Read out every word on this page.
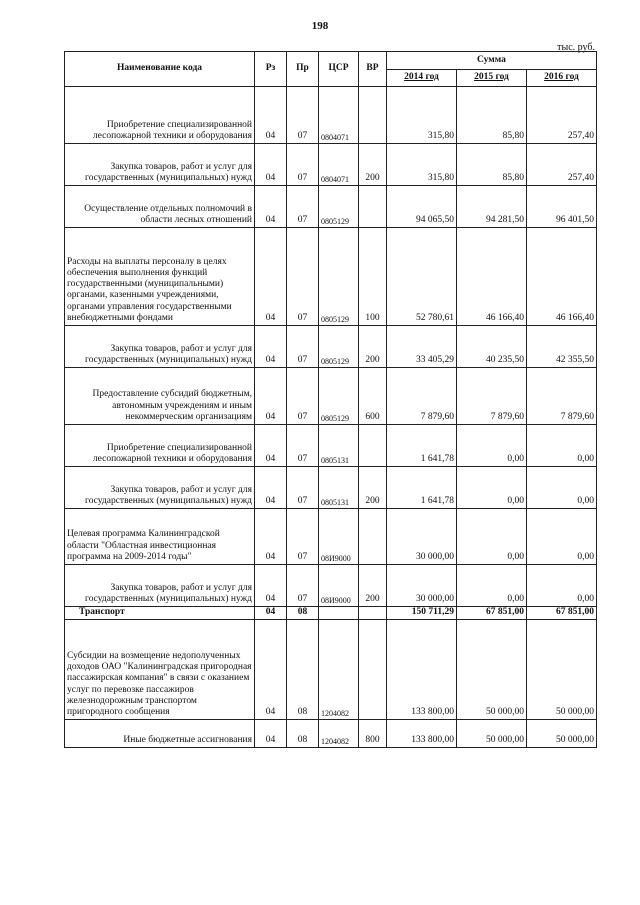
198
тыс. руб.
Наименование кода	Рз	Пр	ЦСР	ВР	Сумма		
					2014 год	2015 год	2016 год
Приобретение специализированной лесопожарной техники и оборудования	04	07	0804071		315,80	85,80	257,40
Закупка товаров, работ и услуг для государственных (муниципальных) нужд	04	07	0804071	200	315,80	85,80	257,40
Осуществление отдельных полномочий в области лесных отношений	04	07	0805129		94 065,50	94 281,50	96 401,50
Расходы на выплаты персоналу в целях обеспечения выполнения функций государственными (муниципальными) органами, казенными учреждениями, органами управления государственными внебюджетными фондами	04	07	0805129	100	52 780,61	46 166,40	46 166,40
Закупка товаров, работ и услуг для государственных (муниципальных) нужд	04	07	0805129	200	33 405,29	40 235,50	42 355,50
Предоставление субсидий бюджетным, автономным учреждениям и иным некоммерческим организациям	04	07	0805129	600	7 879,60	7 879,60	7 879,60
Приобретение специализированной лесопожарной техники и оборудования	04	07	0805131		1 641,78	0,00	0,00
Закупка товаров, работ и услуг для государственных (муниципальных) нужд	04	07	0805131	200	1 641,78	0,00	0,00
Целевая программа Калининградской области "Областная инвестиционная программа на 2009-2014 годы"	04	07	08И9000		30 000,00	0,00	0,00
Закупка товаров, работ и услуг для государственных (муниципальных) нужд	04	07	08И9000	200	30 000,00	0,00	0,00
Транспорт	04	08			150 711,29	67 851,00	67 851,00
Субсидии на возмещение недополученных доходов ОАО "Калининградская пригородная пассажирская компания" в связи с оказанием услуг по перевозке пассажиров железнодорожным транспортом пригородного сообщения	04	08	1204082		133 800,00	50 000,00	50 000,00
Иные бюджетные ассигнования	04	08	1204082	800	133 800,00	50 000,00	50 000,00
